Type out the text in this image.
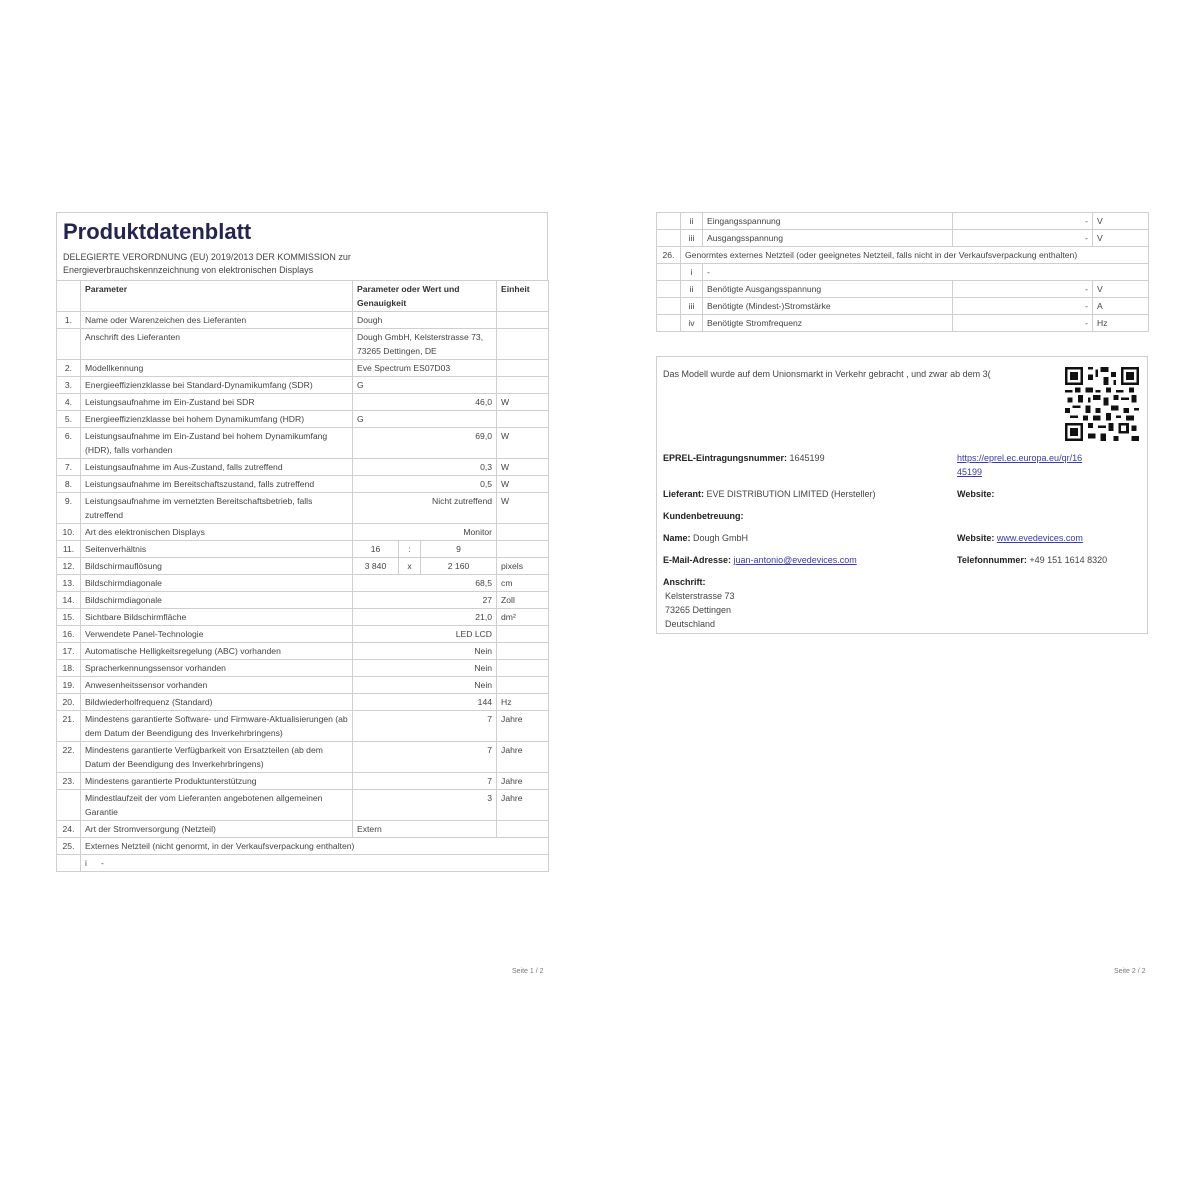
Produktdatenblatt
DELEGIERTE VERORDNUNG (EU) 2019/2013 DER KOMMISSION zur Energieverbrauchskennzeichnung von elektronischen Displays
	Parameter	Parameter oder Wert und Genauigkeit			Einheit
1.	Name oder Warenzeichen des Lieferanten	Dough			
	Anschrift des Lieferanten	Dough GmbH, Kelsterstrasse 73, 73265 Dettingen, DE			
2.	Modellkennung	Eve Spectrum ES07D03			
3.	Energieeffizienzklasse bei Standard-Dynamikumfang (SDR)	G			
4.	Leistungsaufnahme im Ein-Zustand bei SDR	46,0			W
5.	Energieeffizienzklasse bei hohem Dynamikumfang (HDR)	G			
6.	Leistungsaufnahme im Ein-Zustand bei hohem Dynamikumfang (HDR), falls vorhanden	69,0			W
7.	Leistungsaufnahme im Aus-Zustand, falls zutreffend	0,3			W
8.	Leistungsaufnahme im Bereitschaftszustand, falls zutreffend	0,5			W
9.	Leistungsaufnahme im vernetzten Bereitschaftsbetrieb, falls zutreffend	Nicht zutreffend			W
10.	Art des elektronischen Displays	Monitor			
11.	Seitenverhältnis	16	:	9	
12.	Bildschirmauflösung	3 840	x	2 160	pixels
13.	Bildschirmdiagonale	68,5			cm
14.	Bildschirmdiagonale	27			Zoll
15.	Sichtbare Bildschirmfläche	21,0			dm²
16.	Verwendete Panel-Technologie	LED LCD			
17.	Automatische Helligkeitsregelung (ABC) vorhanden	Nein			
18.	Spracherkennungssensor vorhanden	Nein			
19.	Anwesenheitssensor vorhanden	Nein			
20.	Bildwiederholfrequenz (Standard)	144			Hz
21.	Mindestens garantierte Software- und Firmware-Aktualisierungen (ab dem Datum der Beendigung des Inverkehrbringens)	7			Jahre
22.	Mindestens garantierte Verfügbarkeit von Ersatzteilen (ab dem Datum der Beendigung des Inverkehrbringens)	7			Jahre
23.	Mindestens garantierte Produktunterstützung	7			Jahre
	Mindestlaufzeit der vom Lieferanten angebotenen allgemeinen Garantie	3			Jahre
24.	Art der Stromversorgung (Netzteil)	Extern			
25.	Externes Netzteil (nicht genormt, in der Verkaufsverpackung enthalten)				
	i -				
Seite 1 / 2
	ii	Eingangsspannung	-	V
	iii	Ausgangsspannung	-	V
26.	Genormtes externes Netzteil (oder geeignetes Netzteil, falls nicht in der Verkaufsverpackung enthalten)			
	i	-		
	ii	Benötigte Ausgangsspannung	-	V
	iii	Benötigte (Mindest-)Stromstärke	-	A
	iv	Benötigte Stromfrequenz	-	Hz
Das Modell wurde auf dem Unionsmarkt in Verkehr gebracht , und zwar ab dem 3(
EPREL-Eintragungsnummer: 1645199	https://eprel.ec.europa.eu/qr/16
45199
Lieferant: EVE DISTRIBUTION LIMITED (Hersteller)	Website:
Kundenbetreuung:
Name: Dough GmbH	Website: www.evedevices.com
E-Mail-Adresse: juan-antonio@evedevices.com	Telefonnummer: +49 151 1614 8320
Anschrift:
Kelsterstrasse 73
73265 Dettingen
Deutschland
Seite 2 / 2
